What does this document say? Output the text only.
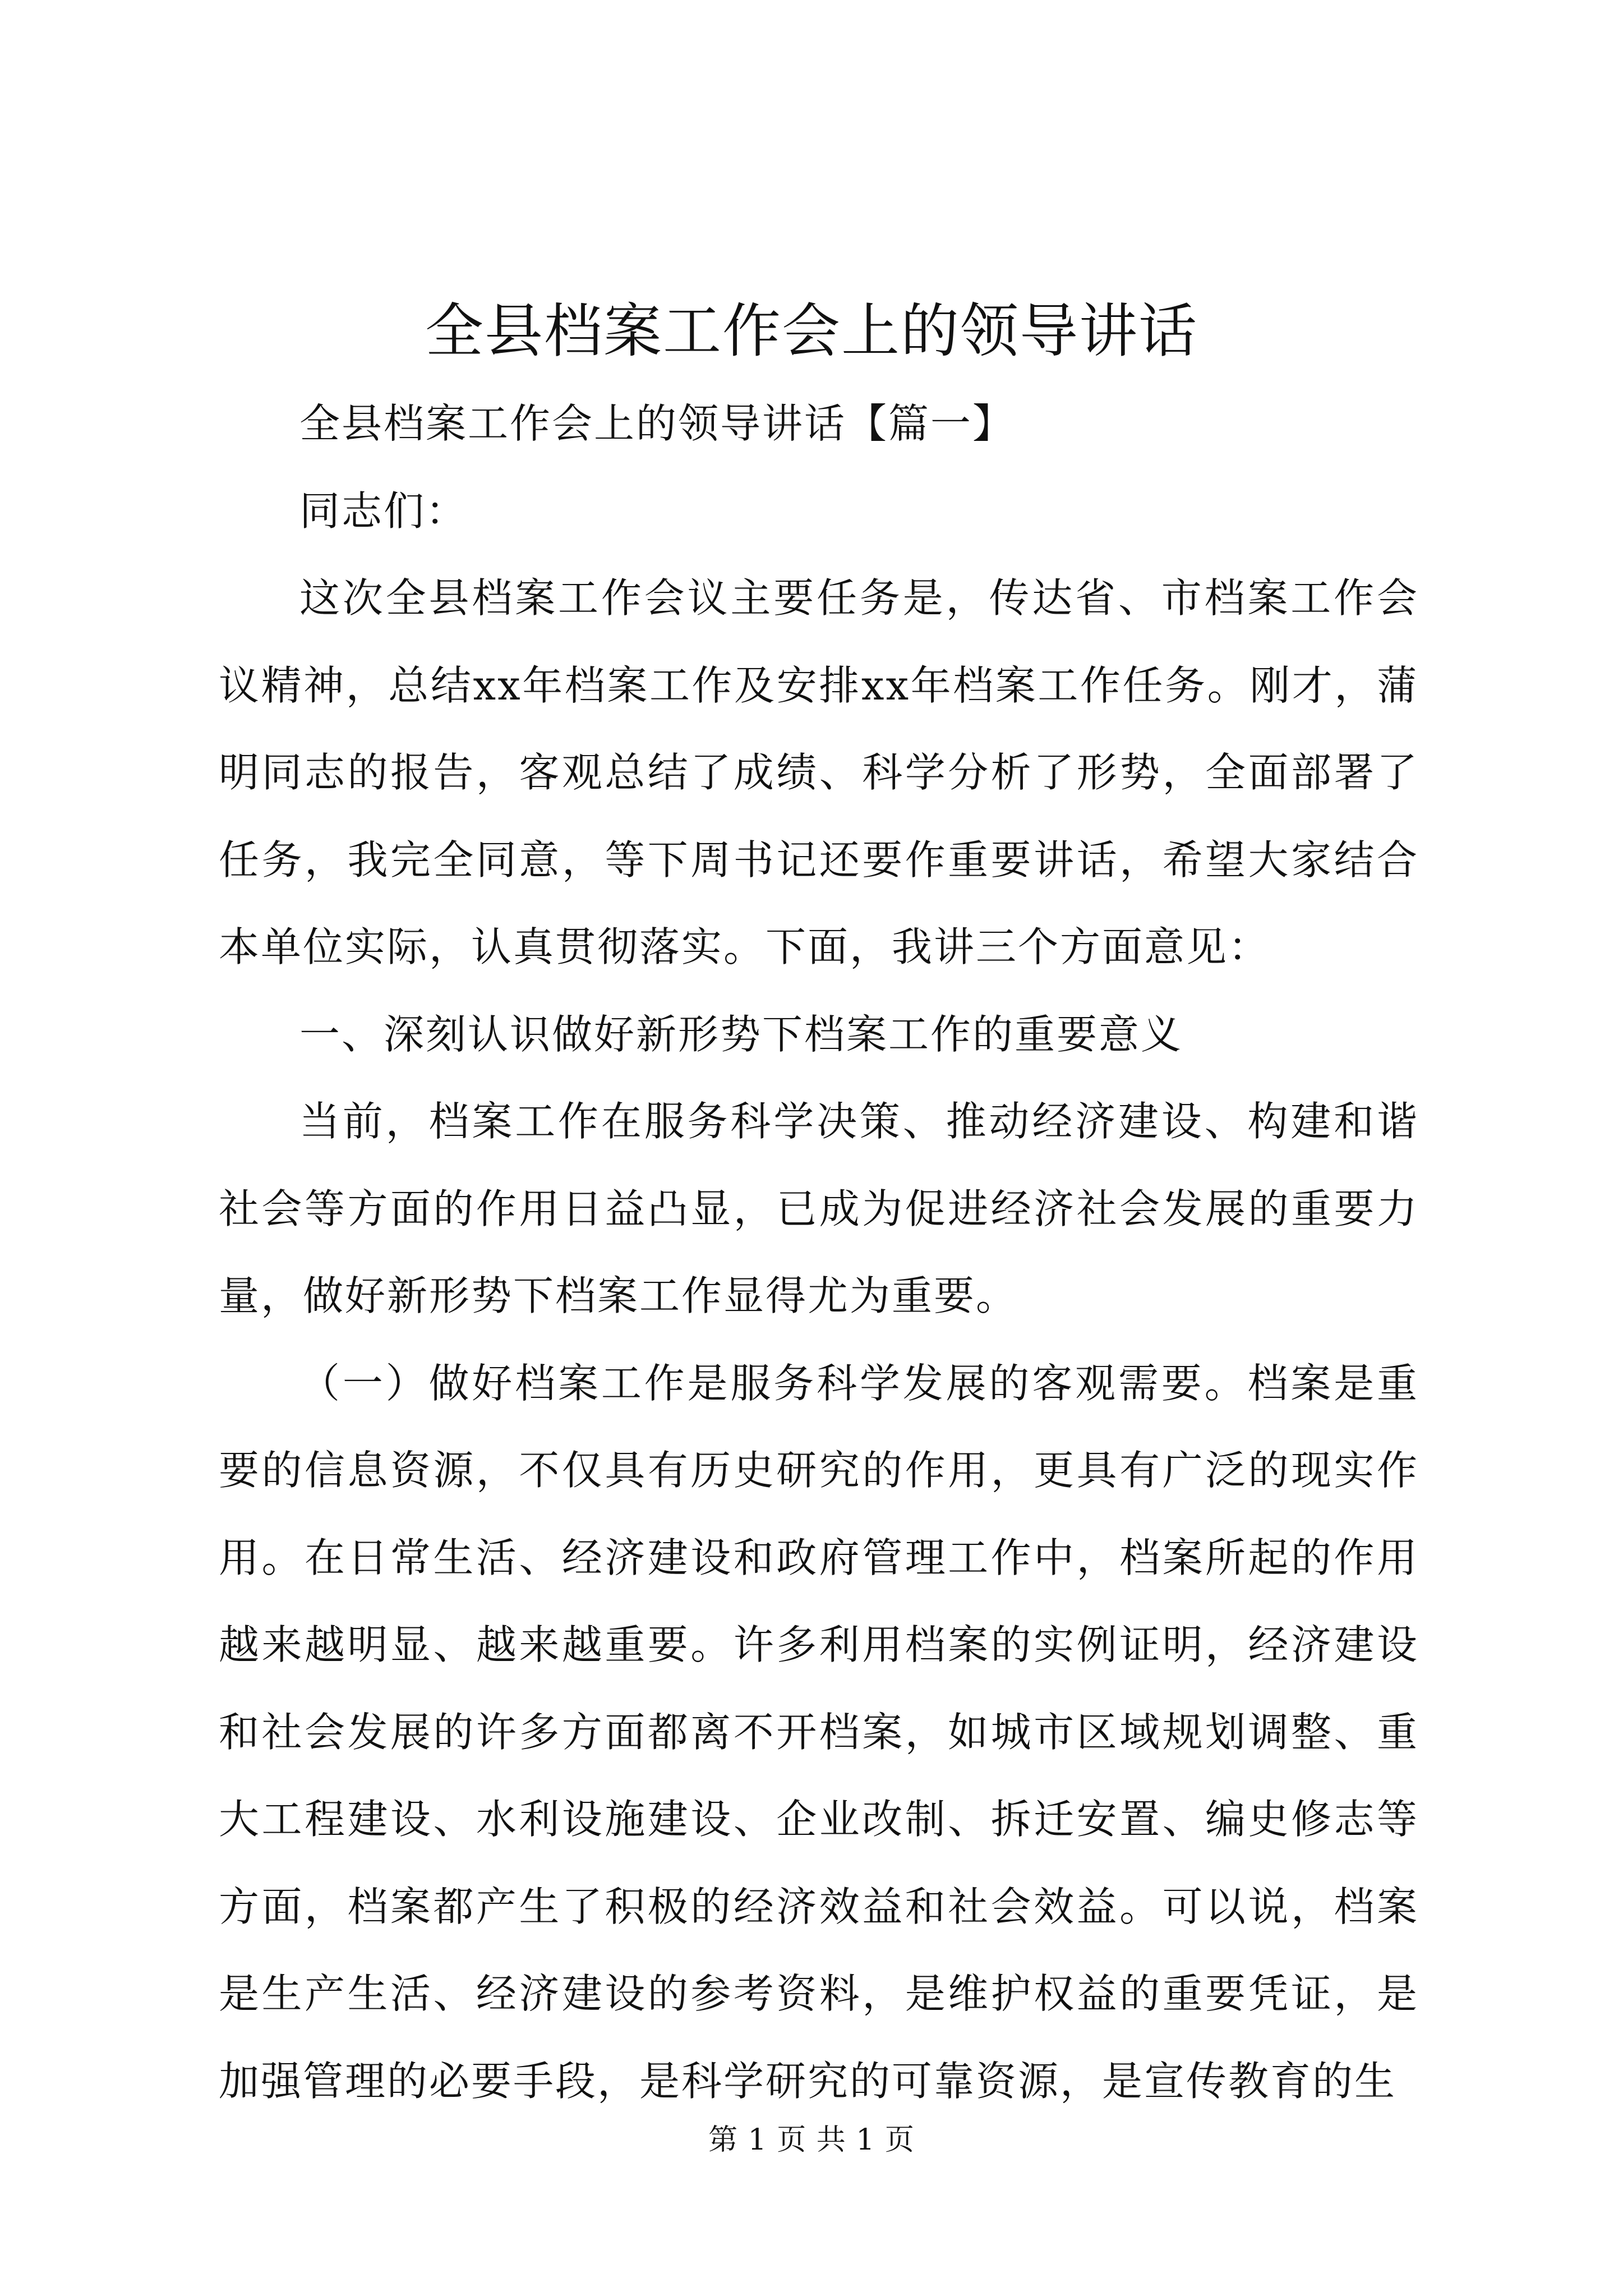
全县档案工作会上的领导讲话

全县档案工作会上的领导讲话【篇一】

同志们：

这次全县档案工作会议主要任务是，传达省、市档案工作会议精神，总结xx年档案工作及安排xx年档案工作任务。刚才，蒲明同志的报告，客观总结了成绩、科学分析了形势，全面部署了任务，我完全同意，等下周书记还要作重要讲话，希望大家结合本单位实际，认真贯彻落实。下面，我讲三个方面意见：

一、深刻认识做好新形势下档案工作的重要意义

当前，档案工作在服务科学决策、推动经济建设、构建和谐社会等方面的作用日益凸显，已成为促进经济社会发展的重要力量，做好新形势下档案工作显得尤为重要。

（一）做好档案工作是服务科学发展的客观需要。档案是重要的信息资源，不仅具有历史研究的作用，更具有广泛的现实作用。在日常生活、经济建设和政府管理工作中，档案所起的作用越来越明显、越来越重要。许多利用档案的实例证明，经济建设和社会发展的许多方面都离不开档案，如城市区域规划调整、重大工程建设、水利设施建设、企业改制、拆迁安置、编史修志等方面，档案都产生了积极的经济效益和社会效益。可以说，档案是生产生活、经济建设的参考资料，是维护权益的重要凭证，是加强管理的必要手段，是科学研究的可靠资源，是宣传教育的生

第 1 页 共 1 页
